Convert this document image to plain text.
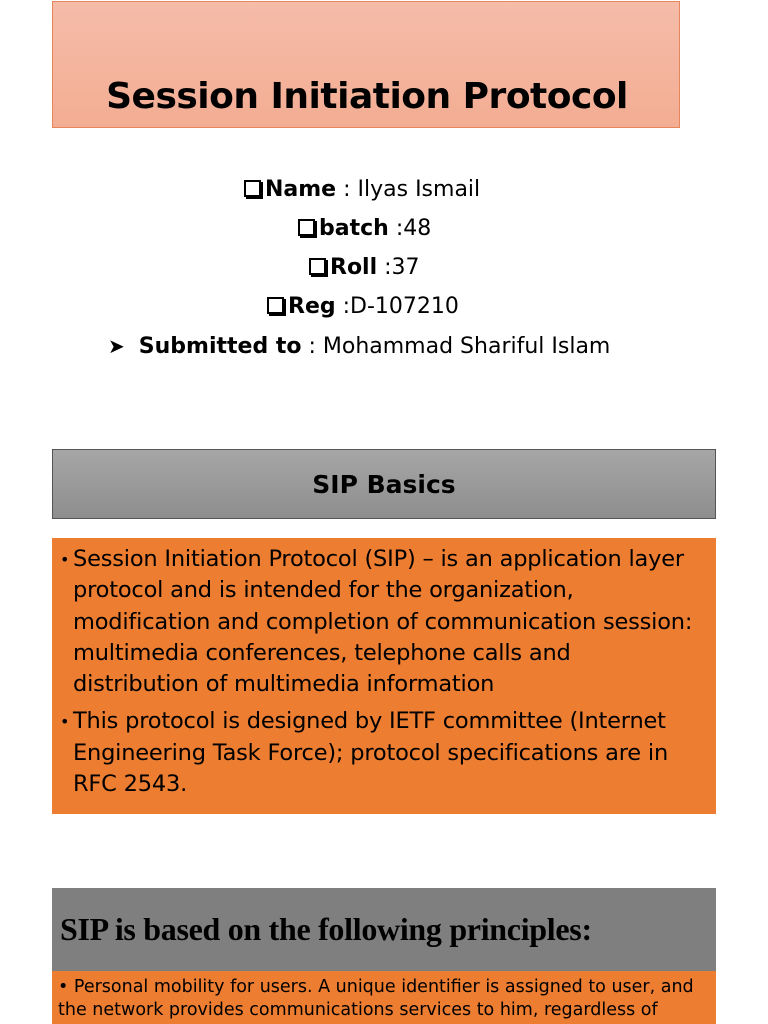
Session Initiation Protocol
Name : Ilyas Ismail
batch :48
Roll :37
Reg :D-107210
➤ Submitted to : Mohammad Shariful Islam
SIP Basics
• Session Initiation Protocol (SIP) – is an application layer protocol and is intended for the organization, modification and completion of communication session: multimedia conferences, telephone calls and distribution of multimedia information
• This protocol is designed by IETF committee (Internet Engineering Task Force); protocol specifications are in RFC 2543.
SIP is based on the following principles:
• Personal mobility for users. A unique identifier is assigned to user, and the network provides communications services to him, regardless of
